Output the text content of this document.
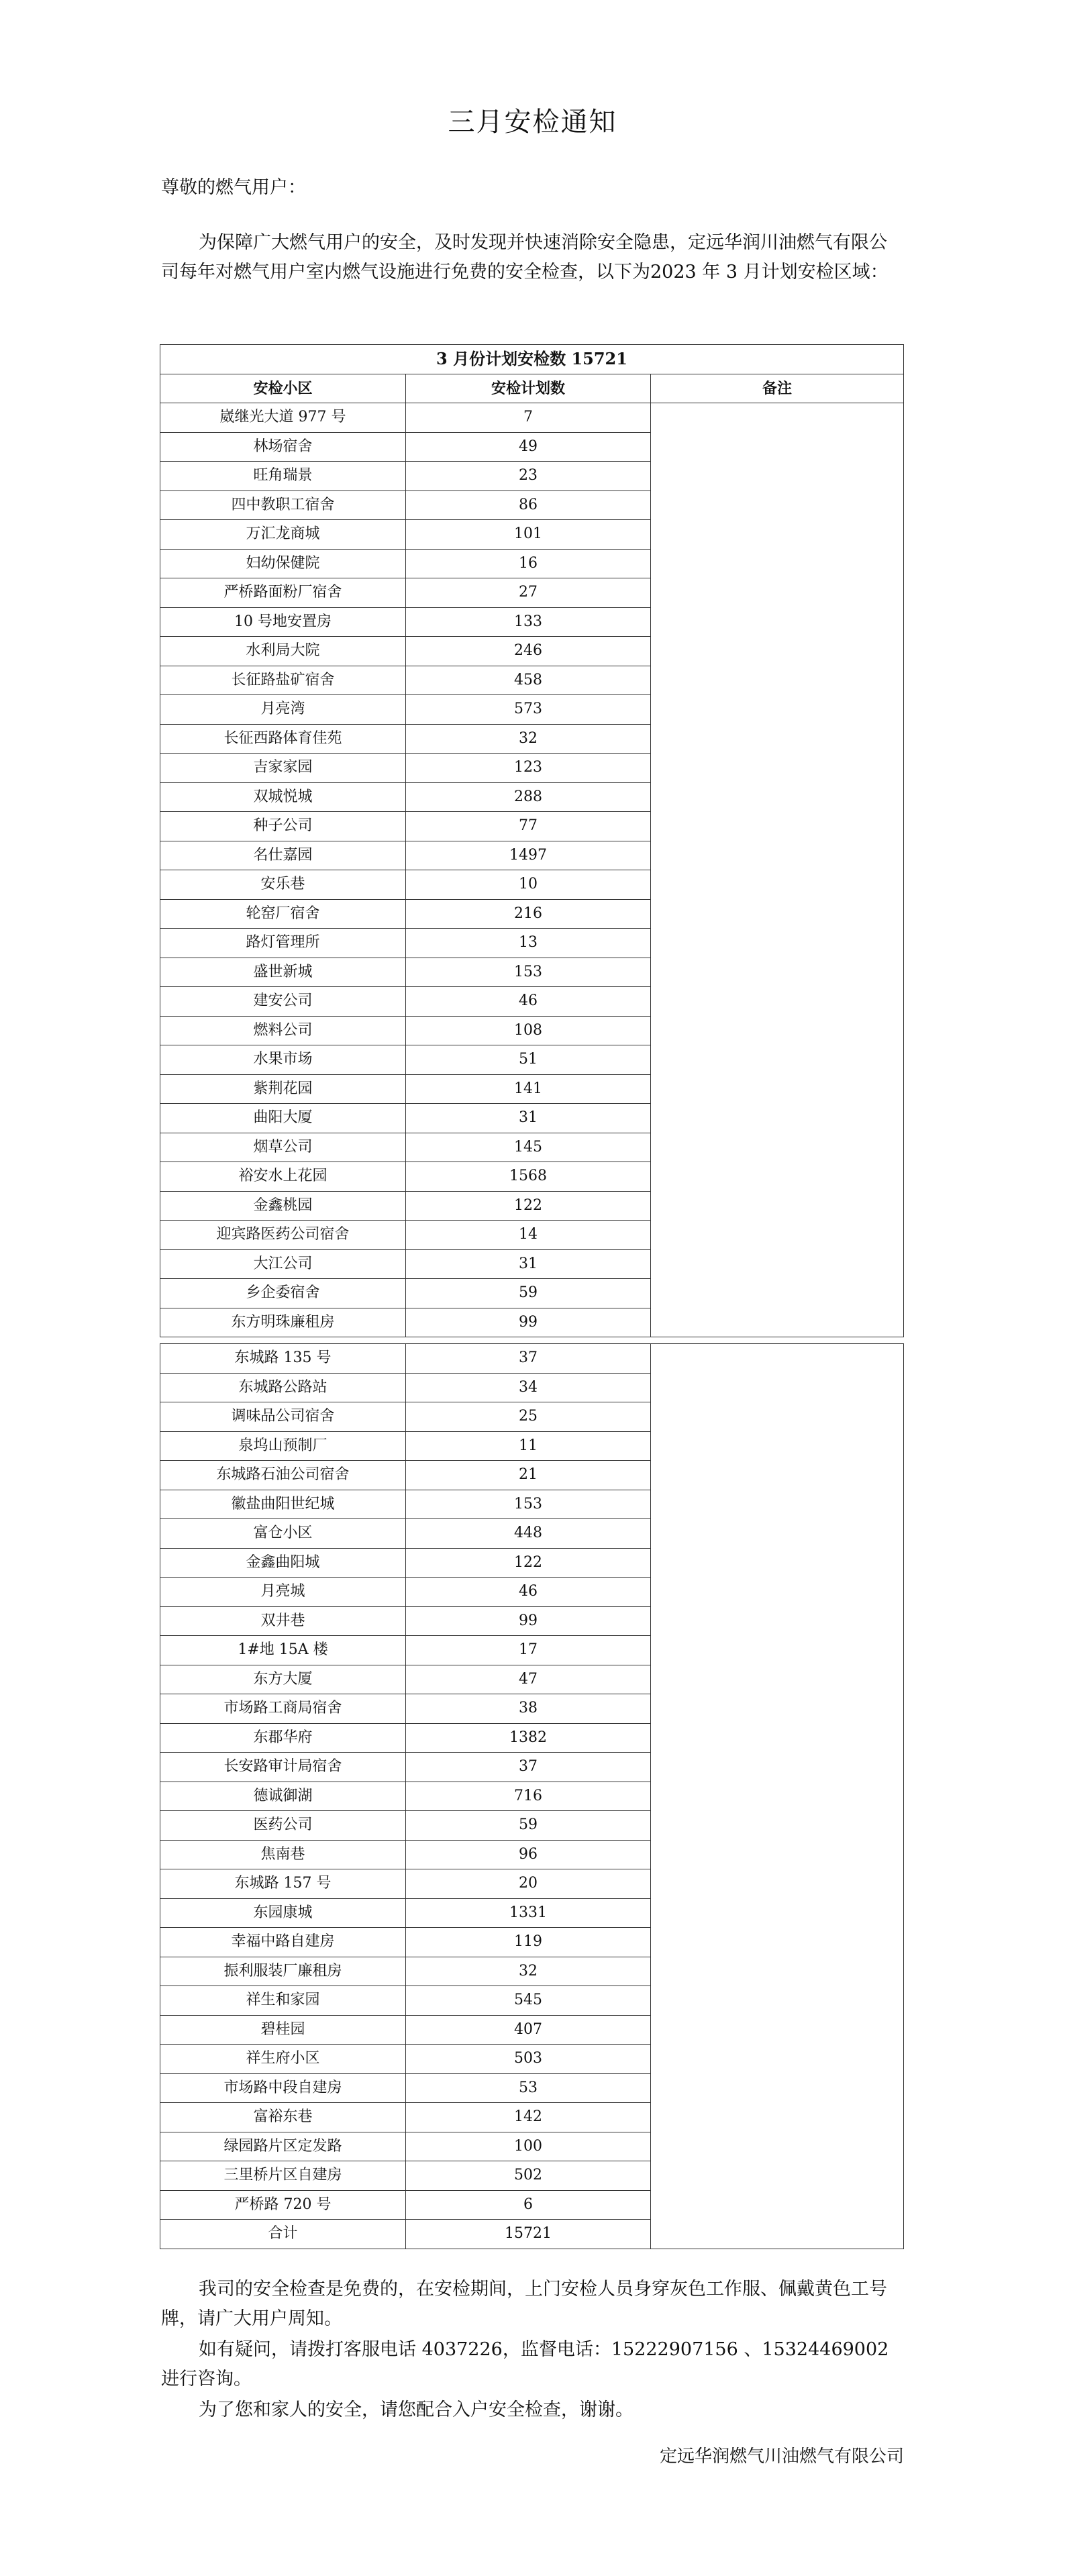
三月安检通知
尊敬的燃气用户：
为保障广大燃气用户的安全，及时发现并快速消除安全隐患，定远华润川油燃气有限公司每年对燃气用户室内燃气设施进行免费的安全检查，以下为2023 年 3 月计划安检区域：
3 月份计划安检数 15721		
安检小区	安检计划数	备注
崴继光大道 977 号	7	
林场宿舍	49	
旺角瑞景	23	
四中教职工宿舍	86	
万汇龙商城	101	
妇幼保健院	16	
严桥路面粉厂宿舍	27	
10 号地安置房	133	
水利局大院	246	
长征路盐矿宿舍	458	
月亮湾	573	
长征西路体育佳苑	32	
吉家家园	123	
双城悦城	288	
种子公司	77	
名仕嘉园	1497	
安乐巷	10	
轮窑厂宿舍	216	
路灯管理所	13	
盛世新城	153	
建安公司	46	
燃料公司	108	
水果市场	51	
紫荆花园	141	
曲阳大厦	31	
烟草公司	145	
裕安水上花园	1568	
金鑫桃园	122	
迎宾路医药公司宿舍	14	
大江公司	31	
乡企委宿舍	59	
东方明珠廉租房	99	
东城路 135 号	37	
东城路公路站	34	
调味品公司宿舍	25	
泉坞山预制厂	11	
东城路石油公司宿舍	21	
徽盐曲阳世纪城	153	
富仓小区	448	
金鑫曲阳城	122	
月亮城	46	
双井巷	99	
1#地 15A 楼	17	
东方大厦	47	
市场路工商局宿舍	38	
东郡华府	1382	
长安路审计局宿舍	37	
德诚御湖	716	
医药公司	59	
焦南巷	96	
东城路 157 号	20	
东园康城	1331	
幸福中路自建房	119	
振利服装厂廉租房	32	
祥生和家园	545	
碧桂园	407	
祥生府小区	503	
市场路中段自建房	53	
富裕东巷	142	
绿园路片区定发路	100	
三里桥片区自建房	502	
严桥路 720 号	6	
合计	15721	
我司的安全检查是免费的，在安检期间，上门安检人员身穿灰色工作服、佩戴黄色工号牌，请广大用户周知。
如有疑问，请拨打客服电话 4037226，监督电话：15222907156 、15324469002 进行咨询。
为了您和家人的安全，请您配合入户安全检查，谢谢。
定远华润燃气川油燃气有限公司
